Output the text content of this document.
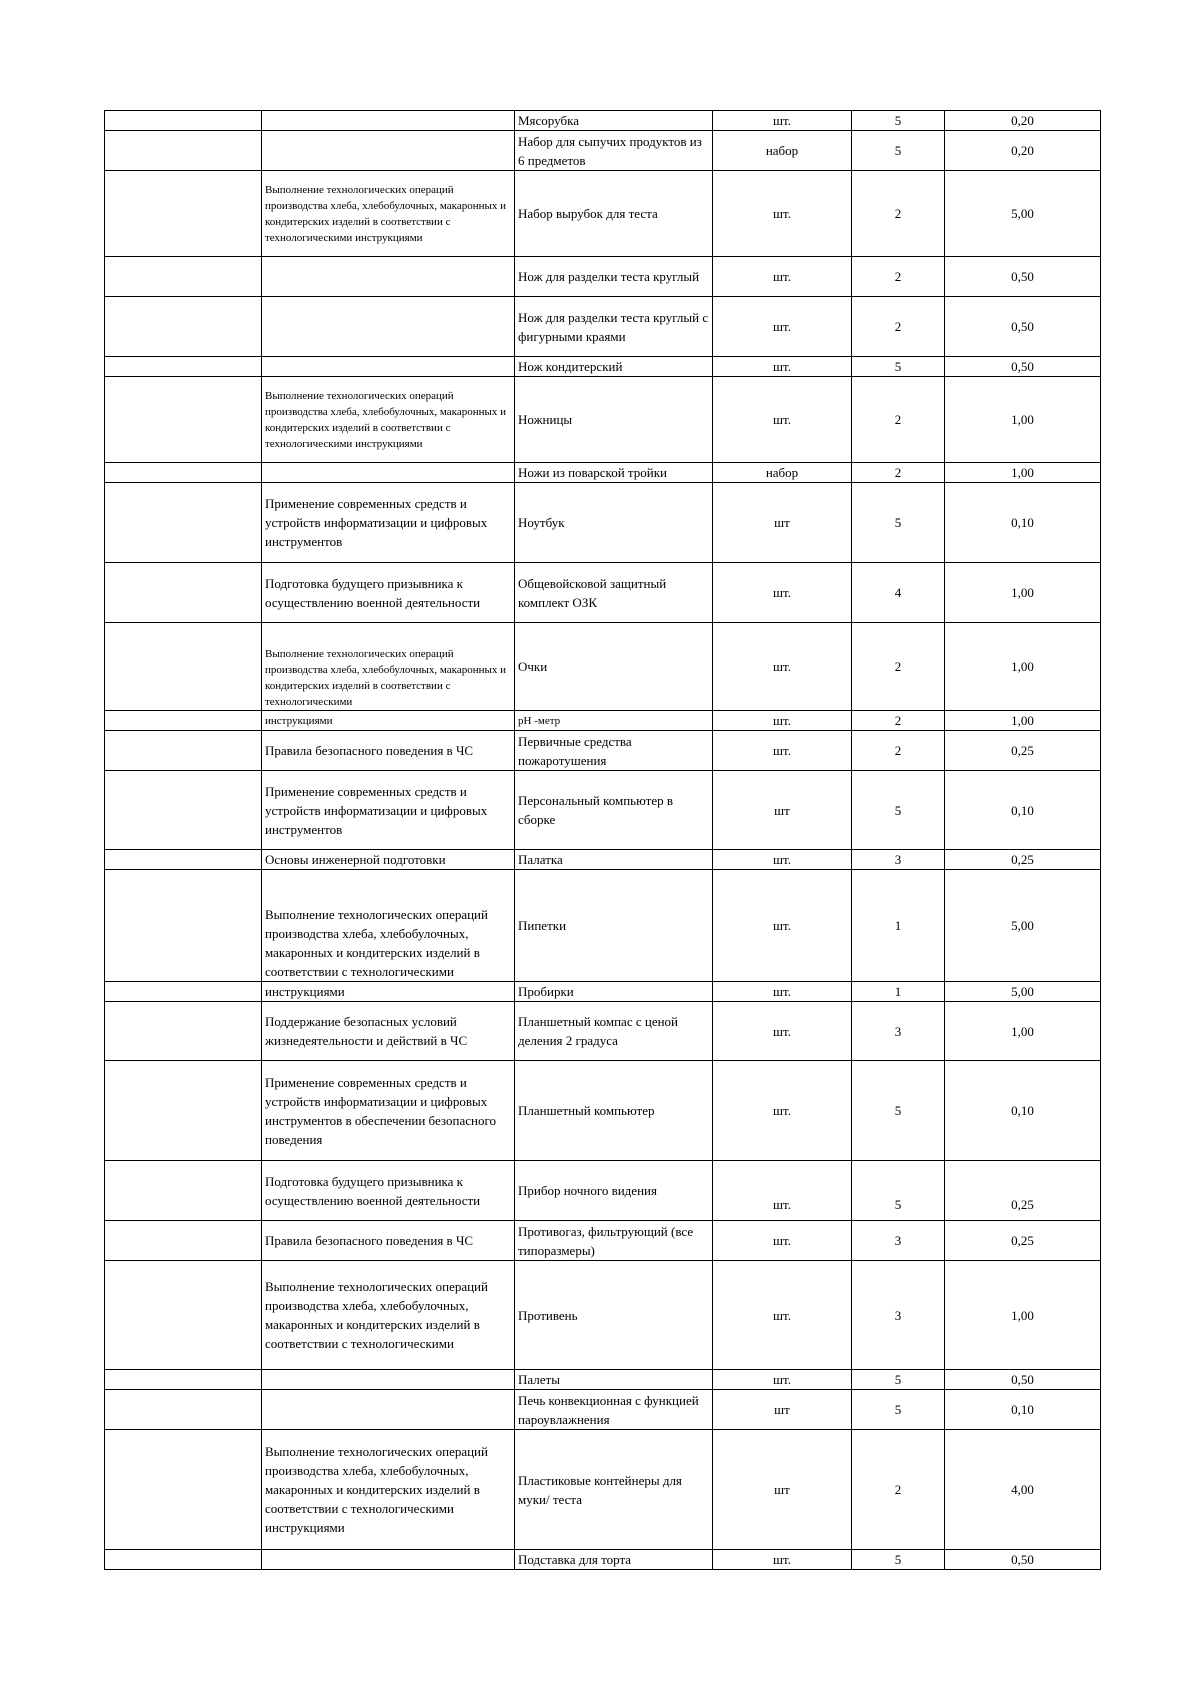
		Мясорубка	шт.	5	0,20
		Набор для сыпучих продуктов из 6 предметов	набор	5	0,20
	Выполнение технологических операций производства хлеба, хлебобулочных, макаронных и кондитерских изделий в соответствии с технологическими инструкциями	Набор вырубок для теста	шт.	2	5,00
		Нож для разделки теста круглый	шт.	2	0,50
		Нож для разделки теста круглый с фигурными краями	шт.	2	0,50
		Нож кондитерский	шт.	5	0,50
	Выполнение технологических операций производства хлеба, хлебобулочных, макаронных и кондитерских изделий в соответствии с технологическими инструкциями	Ножницы	шт.	2	1,00
		Ножи из поварской тройки	набор	2	1,00
	Применение современных средств и устройств информатизации и цифровых инструментов	Ноутбук	шт	5	0,10
	Подготовка будущего призывника к осуществлению военной деятельности	Общевойсковой защитный комплект ОЗК	шт.	4	1,00
	Выполнение технологических операций производства хлеба, хлебобулочных, макаронных и кондитерских изделий в соответствии с технологическими	Очки	шт.	2	1,00
	инструкциями	pH -метр	шт.	2	1,00
	Правила безопасного поведения в ЧС	Первичные средства пожаротушения	шт.	2	0,25
	Применение современных средств и устройств информатизации и цифровых инструментов	Персональный компьютер в сборке	шт	5	0,10
	Основы инженерной подготовки	Палатка	шт.	3	0,25
	Выполнение технологических операций производства хлеба, хлебобулочных, макаронных и кондитерских изделий в соответствии с технологическими	Пипетки	шт.	1	5,00
	инструкциями	Пробирки	шт.	1	5,00
	Поддержание безопасных условий жизнедеятельности и действий в ЧС	Планшетный компас с ценой деления 2 градуса	шт.	3	1,00
	Применение современных средств и устройств информатизации и цифровых инструментов в обеспечении безопасного поведения	Планшетный компьютер	шт.	5	0,10
	Подготовка будущего призывника к осуществлению военной деятельности	Прибор ночного видения	шт.	5	0,25
	Правила безопасного поведения в ЧС	Противогаз, фильтрующий (все типоразмеры)	шт.	3	0,25
	Выполнение технологических операций производства хлеба, хлебобулочных, макаронных и кондитерских изделий в соответствии с технологическими	Противень	шт.	3	1,00
		Палеты	шт.	5	0,50
		Печь конвекционная с функцией пароувлажнения	шт	5	0,10
	Выполнение технологических операций производства хлеба, хлебобулочных, макаронных и кондитерских изделий в соответствии с технологическими инструкциями	Пластиковые контейнеры для муки/ теста	шт	2	4,00
		Подставка для торта	шт.	5	0,50
